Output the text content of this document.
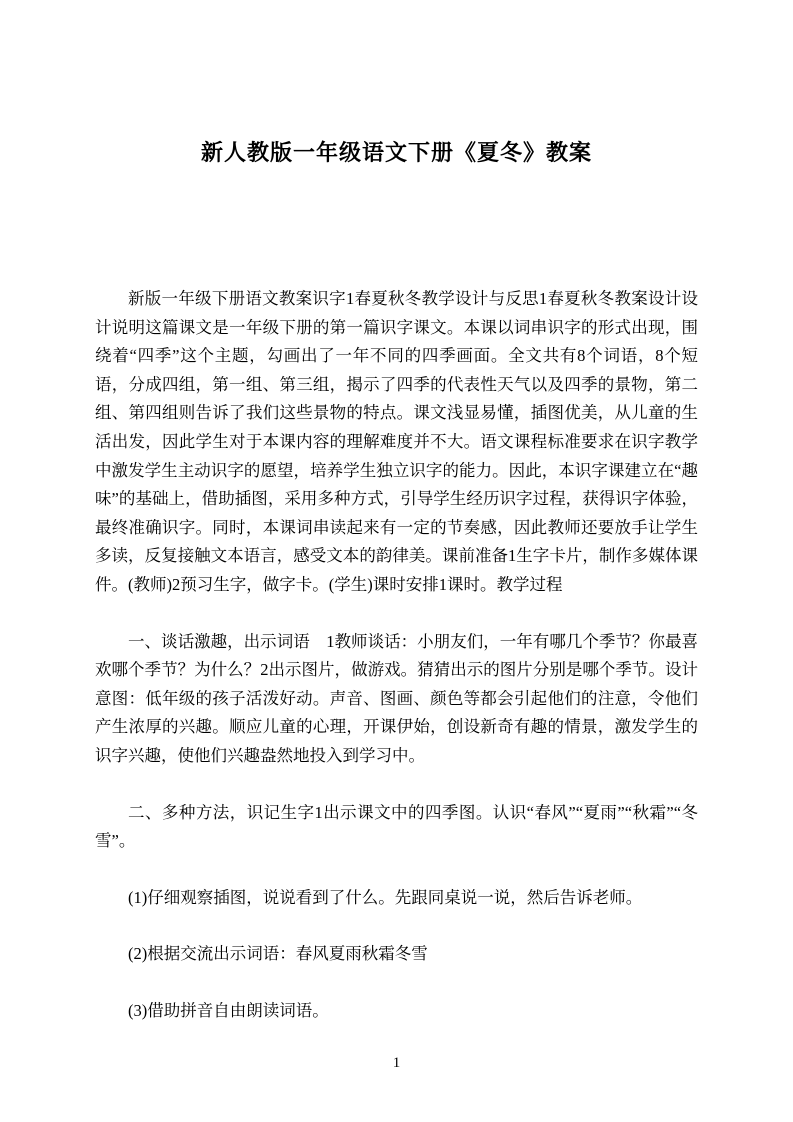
新人教版一年级语文下册《夏冬》教案

新版一年级下册语文教案识字1春夏秋冬教学设计与反思1春夏秋冬教案设计设计说明这篇课文是一年级下册的第一篇识字课文。本课以词串识字的形式出现，围绕着“四季”这个主题，勾画出了一年不同的四季画面。全文共有8个词语，8个短语，分成四组，第一组、第三组，揭示了四季的代表性天气以及四季的景物，第二组、第四组则告诉了我们这些景物的特点。课文浅显易懂，插图优美，从儿童的生活出发，因此学生对于本课内容的理解难度并不大。语文课程标准要求在识字教学中激发学生主动识字的愿望，培养学生独立识字的能力。因此，本识字课建立在“趣味”的基础上，借助插图，采用多种方式，引导学生经历识字过程，获得识字体验，最终准确识字。同时，本课词串读起来有一定的节奏感，因此教师还要放手让学生多读，反复接触文本语言，感受文本的韵律美。课前准备1生字卡片，制作多媒体课件。(教师)2预习生字，做字卡。(学生)课时安排1课时。教学过程

一、谈话激趣，出示词语　1教师谈话：小朋友们，一年有哪几个季节？你最喜欢哪个季节？为什么？2出示图片，做游戏。猜猜出示的图片分别是哪个季节。设计意图：低年级的孩子活泼好动。声音、图画、颜色等都会引起他们的注意，令他们产生浓厚的兴趣。顺应儿童的心理，开课伊始，创设新奇有趣的情景，激发学生的识字兴趣，使他们兴趣盎然地投入到学习中。

二、多种方法，识记生字1出示课文中的四季图。认识“春风”“夏雨”“秋霜”“冬雪”。

(1)仔细观察插图，说说看到了什么。先跟同桌说一说，然后告诉老师。

(2)根据交流出示词语：春风夏雨秋霜冬雪

(3)借助拼音自由朗读词语。

1
